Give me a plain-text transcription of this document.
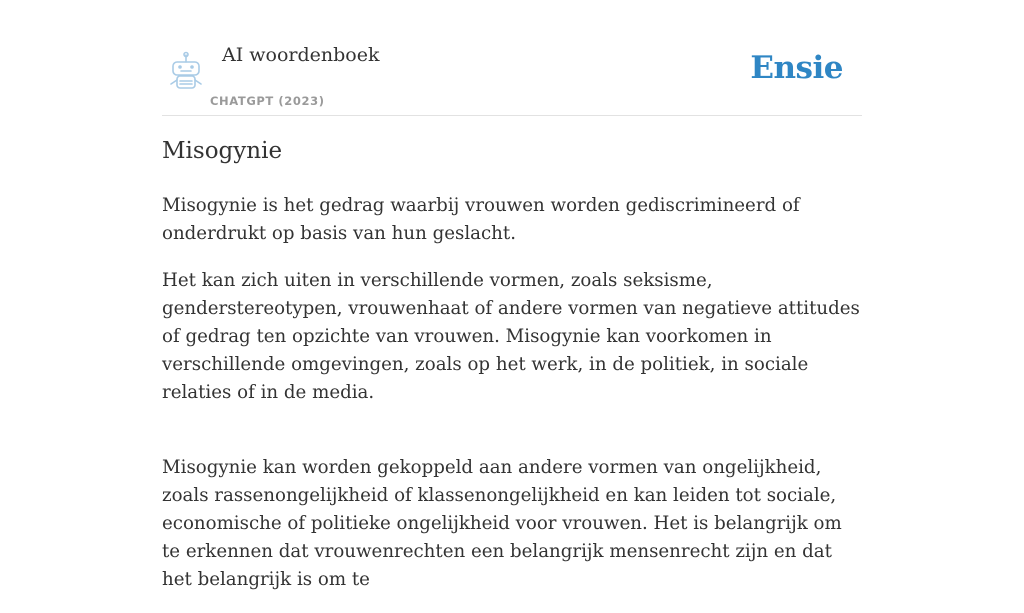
AI woordenboek
CHATGPT (2023)
Ensie
Misogynie

Misogynie is het gedrag waarbij vrouwen worden gediscrimineerd of onderdrukt op basis van hun geslacht.

Het kan zich uiten in verschillende vormen, zoals seksisme, genderstereotypen, vrouwenhaat of andere vormen van negatieve attitudes of gedrag ten opzichte van vrouwen. Misogynie kan voorkomen in verschillende omgevingen, zoals op het werk, in de politiek, in sociale relaties of in de media.

Misogynie kan worden gekoppeld aan andere vormen van ongelijkheid, zoals rassenongelijkheid of klassenongelijkheid en kan leiden tot sociale, economische of politieke ongelijkheid voor vrouwen. Het is belangrijk om te erkennen dat vrouwenrechten een belangrijk mensenrecht zijn en dat het belangrijk is om te
